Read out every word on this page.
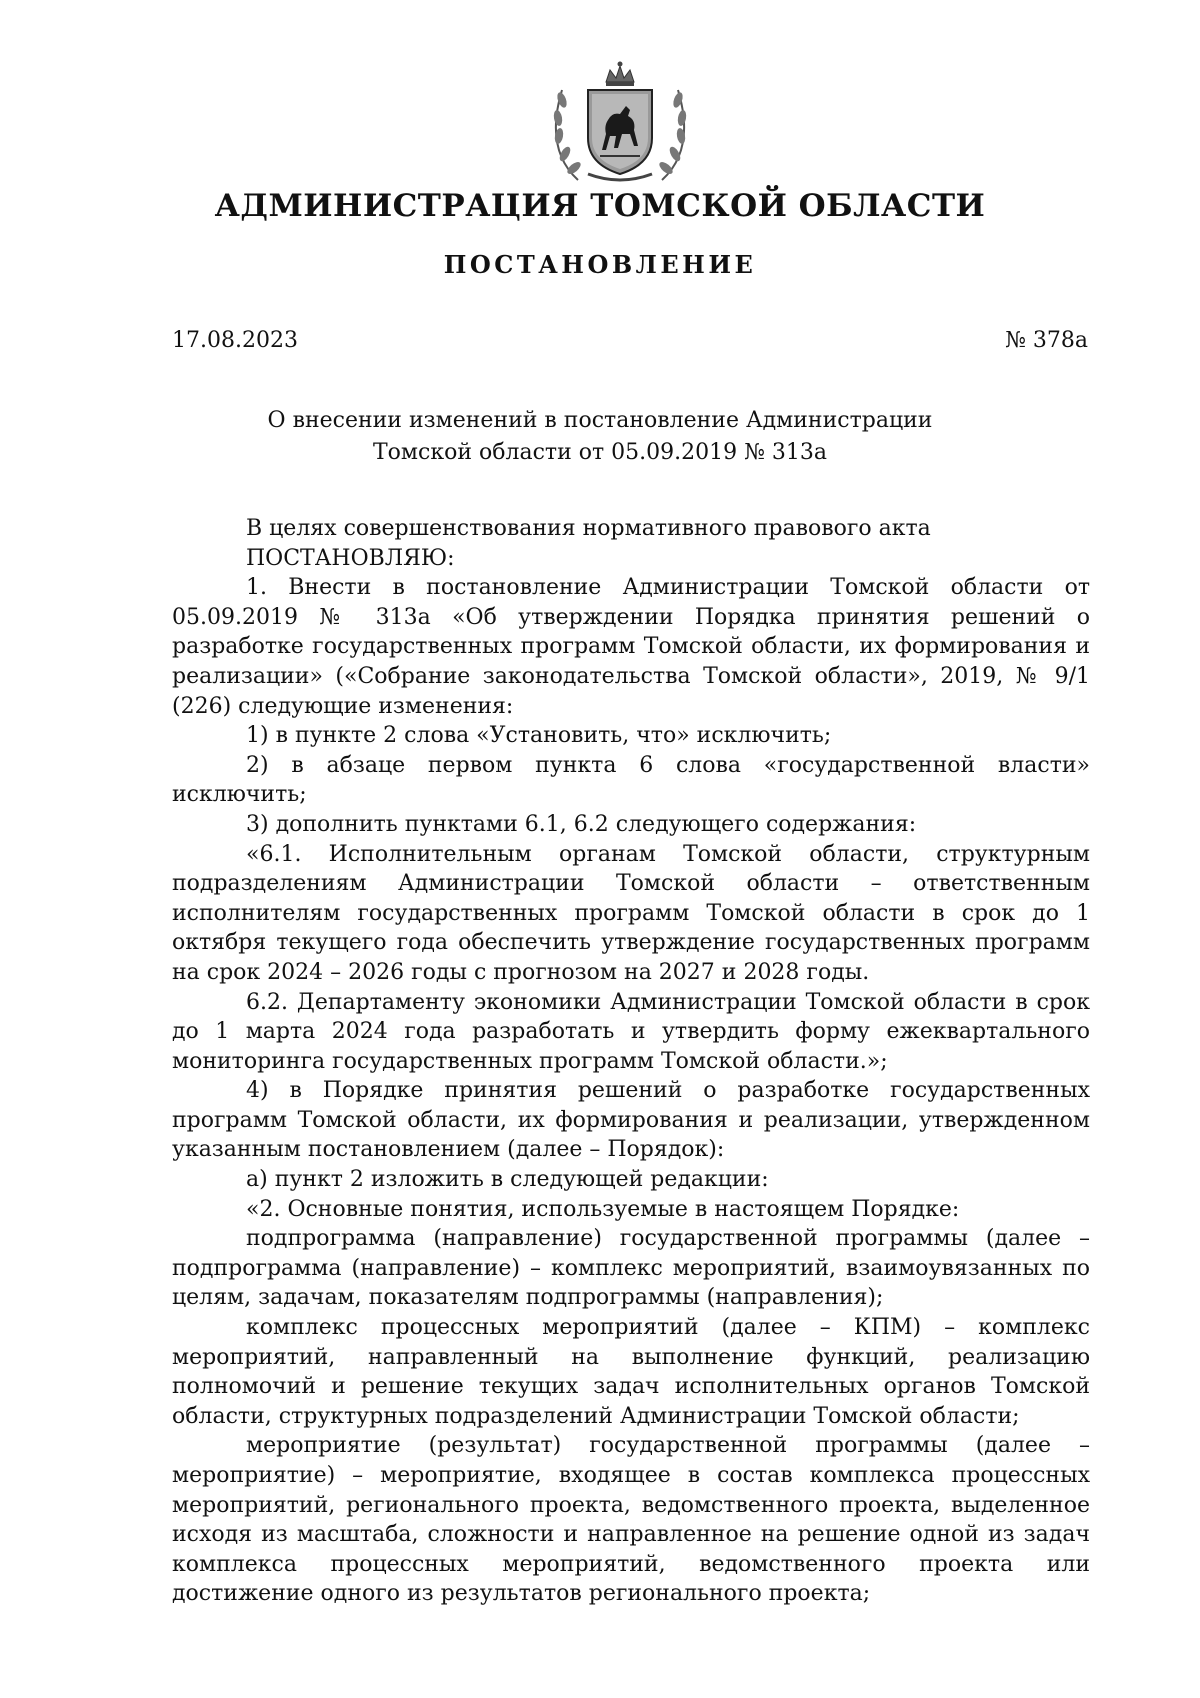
АДМИНИСТРАЦИЯ ТОМСКОЙ ОБЛАСТИ
ПОСТАНОВЛЕНИЕ
17.08.2023	№ 378а
О внесении изменений в постановление Администрации
Томской области от 05.09.2019 № 313а

В целях совершенствования нормативного правового акта

ПОСТАНОВЛЯЮ:

1. Внести в постановление Администрации Томской области от 05.09.2019 № 313а «Об утверждении Порядка принятия решений о разработке государственных программ Томской области, их формирования и реализации» («Собрание законодательства Томской области», 2019, № 9/1 (226) следующие изменения:

1) в пункте 2 слова «Установить, что» исключить;

2) в абзаце первом пункта 6 слова «государственной власти» исключить;

3) дополнить пунктами 6.1, 6.2 следующего содержания:

«6.1. Исполнительным органам Томской области, структурным подразделениям Администрации Томской области – ответственным исполнителям государственных программ Томской области в срок до 1 октября текущего года обеспечить утверждение государственных программ на срок 2024 – 2026 годы с прогнозом на 2027 и 2028 годы.

6.2. Департаменту экономики Администрации Томской области в срок до 1 марта 2024 года разработать и утвердить форму ежеквартального мониторинга государственных программ Томской области.»;

4) в Порядке принятия решений о разработке государственных программ Томской области, их формирования и реализации, утвержденном указанным постановлением (далее – Порядок):

а) пункт 2 изложить в следующей редакции:

«2. Основные понятия, используемые в настоящем Порядке:

подпрограмма (направление) государственной программы (далее – подпрограмма (направление) – комплекс мероприятий, взаимоувязанных по целям, задачам, показателям подпрограммы (направления);

комплекс процессных мероприятий (далее – КПМ) – комплекс мероприятий, направленный на выполнение функций, реализацию полномочий и решение текущих задач исполнительных органов Томской области, структурных подразделений Администрации Томской области;

мероприятие (результат) государственной программы (далее – мероприятие) – мероприятие, входящее в состав комплекса процессных мероприятий, регионального проекта, ведомственного проекта, выделенное исходя из масштаба, сложности и направленное на решение одной из задач комплекса процессных мероприятий, ведомственного проекта или достижение одного из результатов регионального проекта;
